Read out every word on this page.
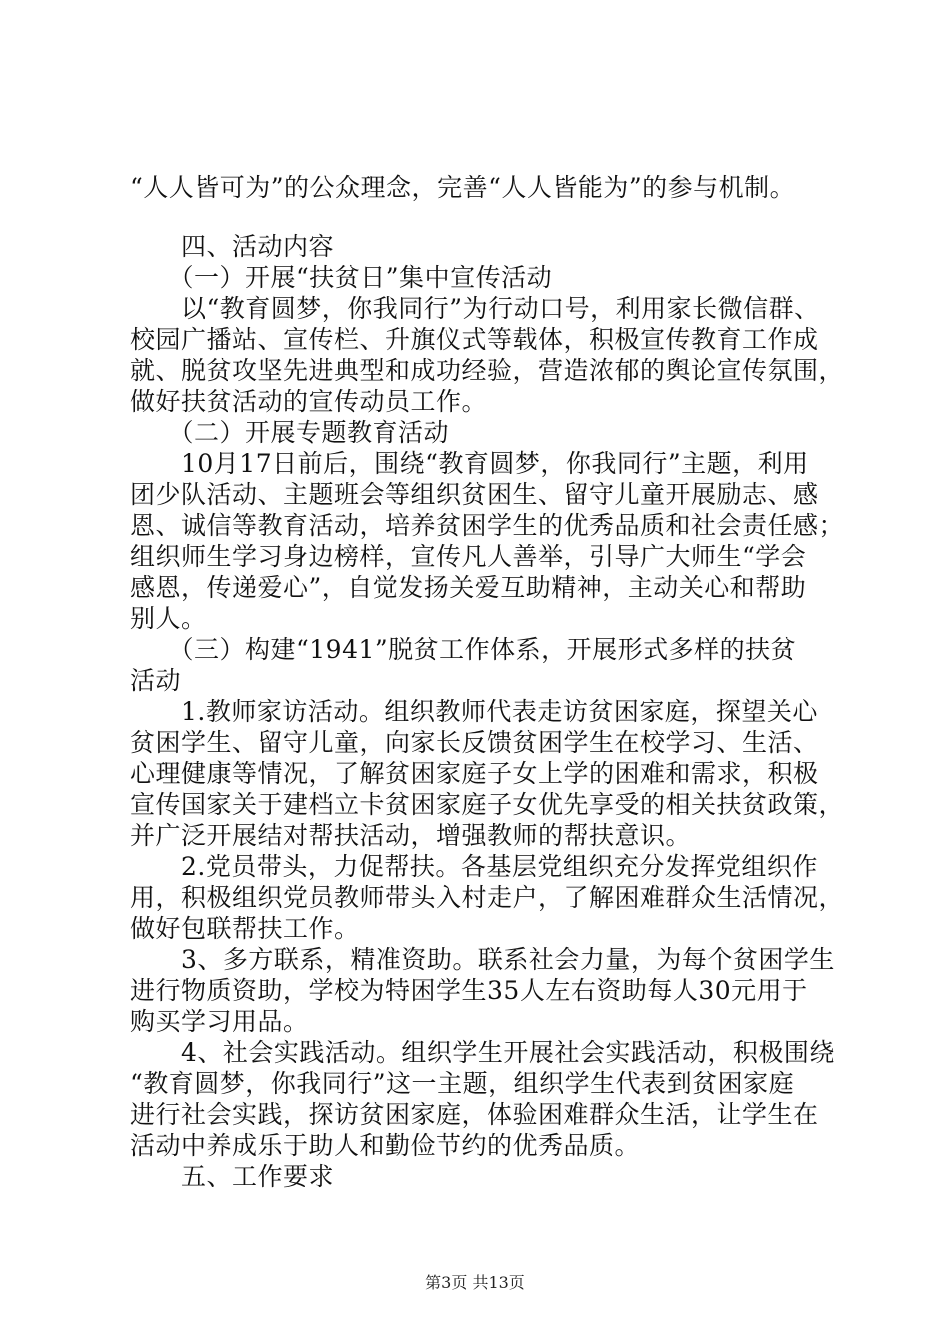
“人人皆可为”的公众理念，完善“人人皆能为”的参与机制。
　　四、活动内容
　　（一）开展“扶贫日”集中宣传活动
　　以“教育圆梦，你我同行”为行动口号，利用家长微信群、
校园广播站、宣传栏、升旗仪式等载体，积极宣传教育工作成
就、脱贫攻坚先进典型和成功经验，营造浓郁的舆论宣传氛围，
做好扶贫活动的宣传动员工作。
　　（二）开展专题教育活动
　　10月17日前后，围绕“教育圆梦，你我同行”主题，利用
团少队活动、主题班会等组织贫困生、留守儿童开展励志、感
恩、诚信等教育活动，培养贫困学生的优秀品质和社会责任感；
组织师生学习身边榜样，宣传凡人善举，引导广大师生“学会
感恩，传递爱心”，自觉发扬关爱互助精神，主动关心和帮助
别人。
　　（三）构建“1941”脱贫工作体系，开展形式多样的扶贫
活动
　　1.教师家访活动。组织教师代表走访贫困家庭，探望关心
贫困学生、留守儿童，向家长反馈贫困学生在校学习、生活、
心理健康等情况，了解贫困家庭子女上学的困难和需求，积极
宣传国家关于建档立卡贫困家庭子女优先享受的相关扶贫政策，
并广泛开展结对帮扶活动，增强教师的帮扶意识。
　　2.党员带头，力促帮扶。各基层党组织充分发挥党组织作
用，积极组织党员教师带头入村走户，了解困难群众生活情况，
做好包联帮扶工作。
　　3、多方联系，精准资助。联系社会力量，为每个贫困学生
进行物质资助，学校为特困学生35人左右资助每人30元用于
购买学习用品。
　　4、社会实践活动。组织学生开展社会实践活动，积极围绕
“教育圆梦，你我同行”这一主题，组织学生代表到贫困家庭
进行社会实践，探访贫困家庭，体验困难群众生活，让学生在
活动中养成乐于助人和勤俭节约的优秀品质。
　　五、工作要求
第3页 共13页
